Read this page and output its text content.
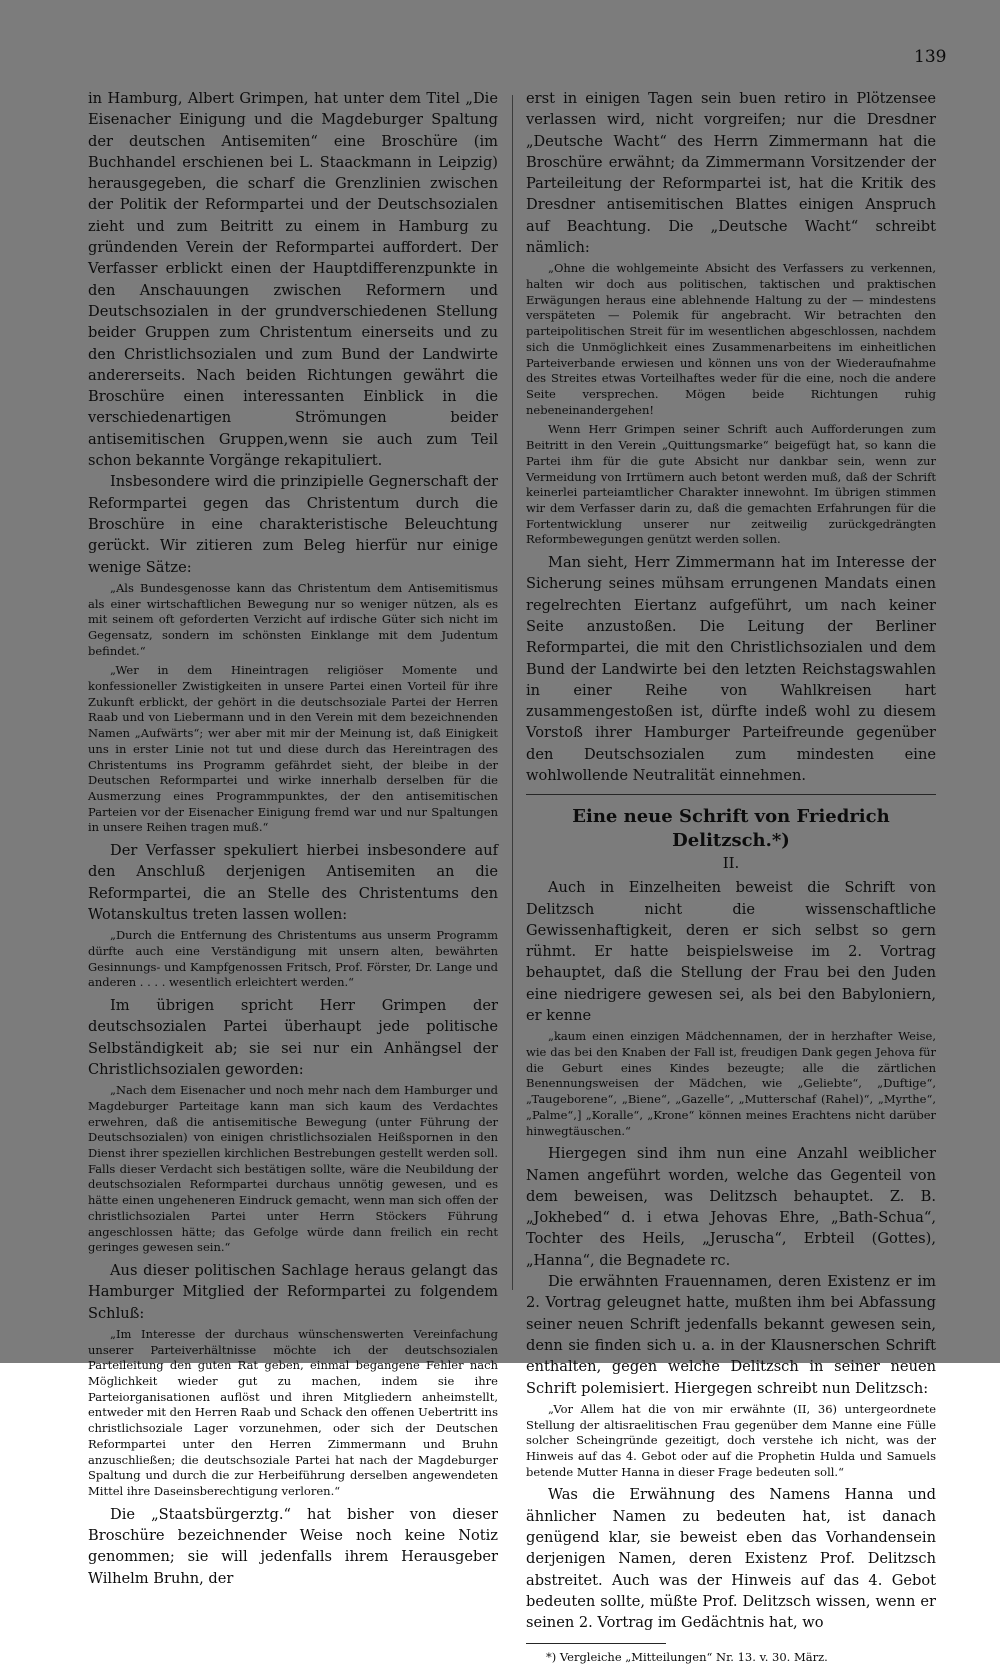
139

in Hamburg, Albert Grimpen, hat unter dem Titel „Die Eisenacher Einigung und die Magdeburger Spaltung der deutschen Antisemiten“ eine Broschüre (im Buchhandel erschienen bei L. Staackmann in Leipzig) herausgegeben, die scharf die Grenzlinien zwischen der Politik der Reformpartei und der Deutschsozialen zieht und zum Beitritt zu einem in Hamburg zu gründenden Verein der Reformpartei auffordert. Der Verfasser erblickt einen der Hauptdifferenzpunkte in den Anschauungen zwischen Reformern und Deutschsozialen in der grundverschiedenen Stellung beider Gruppen zum Christentum einerseits und zu den Christlichsozialen und zum Bund der Landwirte andererseits. Nach beiden Richtungen gewährt die Broschüre einen interessanten Einblick in die verschiedenartigen Strömungen beider antisemitischen Gruppen,wenn sie auch zum Teil schon bekannte Vorgänge rekapituliert.

Insbesondere wird die prinzipielle Gegnerschaft der Reformpartei gegen das Christentum durch die Broschüre in eine charakteristische Beleuchtung gerückt. Wir zitieren zum Beleg hierfür nur einige wenige Sätze:

„Als Bundesgenosse kann das Christentum dem Antisemitismus als einer wirtschaftlichen Bewegung nur so weniger nützen, als es mit seinem oft geforderten Verzicht auf irdische Güter sich nicht im Gegensatz, sondern im schönsten Einklange mit dem Judentum befindet.“

„Wer in dem Hineintragen religiöser Momente und konfessioneller Zwistigkeiten in unsere Partei einen Vorteil für ihre Zukunft erblickt, der gehört in die deutschsoziale Partei der Herren Raab und von Liebermann und in den Verein mit dem bezeichnenden Namen „Aufwärts“; wer aber mit mir der Meinung ist, daß Einigkeit uns in erster Linie not tut und diese durch das Hereintragen des Christentums ins Programm gefährdet sieht, der bleibe in der Deutschen Reformpartei und wirke innerhalb derselben für die Ausmerzung eines Programmpunktes, der den antisemitischen Parteien vor der Eisenacher Einigung fremd war und nur Spaltungen in unsere Reihen tragen muß.“

Der Verfasser spekuliert hierbei insbesondere auf den Anschluß derjenigen Antisemiten an die Reformpartei, die an Stelle des Christentums den Wotanskultus treten lassen wollen:

„Durch die Entfernung des Christentums aus unserm Programm dürfte auch eine Verständigung mit unsern alten, bewährten Gesinnungs- und Kampfgenossen Fritsch, Prof. Förster, Dr. Lange und anderen . . . . wesentlich erleichtert werden.“

Im übrigen spricht Herr Grimpen der deutschsozialen Partei überhaupt jede politische Selbständigkeit ab; sie sei nur ein Anhängsel der Christlichsozialen geworden:

„Nach dem Eisenacher und noch mehr nach dem Hamburger und Magdeburger Parteitage kann man sich kaum des Verdachtes erwehren, daß die antisemitische Bewegung (unter Führung der Deutschsozialen) von einigen christlichsozialen Heißspornen in den Dienst ihrer speziellen kirchlichen Bestrebungen gestellt werden soll. Falls dieser Verdacht sich bestätigen sollte, wäre die Neubildung der deutschsozialen Reformpartei durchaus unnötig gewesen, und es hätte einen ungeheneren Eindruck gemacht, wenn man sich offen der christlichsozialen Partei unter Herrn Stöckers Führung angeschlossen hätte; das Gefolge würde dann freilich ein recht geringes gewesen sein.“

Aus dieser politischen Sachlage heraus gelangt das Hamburger Mitglied der Reformpartei zu folgendem Schluß:

„Im Interesse der durchaus wünschenswerten Vereinfachung unserer Parteiverhältnisse möchte ich der deutschsozialen Parteileitung den guten Rat geben, einmal begangene Fehler nach Möglichkeit wieder gut zu machen, indem sie ihre Parteiorganisationen auflöst und ihren Mitgliedern anheimstellt, entweder mit den Herren Raab und Schack den offenen Uebertritt ins christlichsoziale Lager vorzunehmen, oder sich der Deutschen Reformpartei unter den Herren Zimmermann und Bruhn anzuschließen; die deutschsoziale Partei hat nach der Magdeburger Spaltung und durch die zur Herbeiführung derselben angewendeten Mittel ihre Daseinsberechtigung verloren.“

Die „Staatsbürgerztg.“ hat bisher von dieser Broschüre bezeichnender Weise noch keine Notiz genommen; sie will jedenfalls ihrem Herausgeber Wilhelm Bruhn, der

erst in einigen Tagen sein buen retiro in Plötzensee verlassen wird, nicht vorgreifen; nur die Dresdner „Deutsche Wacht“ des Herrn Zimmermann hat die Broschüre erwähnt; da Zimmermann Vorsitzender der Parteileitung der Reformpartei ist, hat die Kritik des Dresdner antisemitischen Blattes einigen Anspruch auf Beachtung. Die „Deutsche Wacht“ schreibt nämlich:

„Ohne die wohlgemeinte Absicht des Verfassers zu verkennen, halten wir doch aus politischen, taktischen und praktischen Erwägungen heraus eine ablehnende Haltung zu der — mindestens verspäteten — Polemik für angebracht. Wir betrachten den parteipolitischen Streit für im wesentlichen abgeschlossen, nachdem sich die Unmöglichkeit eines Zusammenarbeitens im einheitlichen Parteiverbande erwiesen und können uns von der Wiederaufnahme des Streites etwas Vorteilhaftes weder für die eine, noch die andere Seite versprechen. Mögen beide Richtungen ruhig nebeneinandergehen!

Wenn Herr Grimpen seiner Schrift auch Aufforderungen zum Beitritt in den Verein „Quittungsmarke“ beigefügt hat, so kann die Partei ihm für die gute Absicht nur dankbar sein, wenn zur Vermeidung von Irrtümern auch betont werden muß, daß der Schrift keinerlei parteiamtlicher Charakter innewohnt. Im übrigen stimmen wir dem Verfasser darin zu, daß die gemachten Erfahrungen für die Fortentwicklung unserer nur zeitweilig zurückgedrängten Reformbewegungen genützt werden sollen.

Man sieht, Herr Zimmermann hat im Interesse der Sicherung seines mühsam errungenen Mandats einen regelrechten Eiertanz aufgeführt, um nach keiner Seite anzustoßen. Die Leitung der Berliner Reformpartei, die mit den Christlichsozialen und dem Bund der Landwirte bei den letzten Reichstagswahlen in einer Reihe von Wahlkreisen hart zusammengestoßen ist, dürfte indeß wohl zu diesem Vorstoß ihrer Hamburger Parteifreunde gegenüber den Deutschsozialen zum mindesten eine wohlwollende Neutralität einnehmen.

Eine neue Schrift von Friedrich Delitzsch.*)
II.

Auch in Einzelheiten beweist die Schrift von Delitzsch nicht die wissenschaftliche Gewissenhaftigkeit, deren er sich selbst so gern rühmt. Er hatte beispielsweise im 2. Vortrag behauptet, daß die Stellung der Frau bei den Juden eine niedrigere gewesen sei, als bei den Babyloniern, er kenne

„kaum einen einzigen Mädchennamen, der in herzhafter Weise, wie das bei den Knaben der Fall ist, freudigen Dank gegen Jehova für die Geburt eines Kindes bezeugte; alle die zärtlichen Benennungsweisen der Mädchen, wie „Geliebte“, „Duftige“, „Taugeborene“, „Biene“, „Gazelle“, „Mutterschaf (Rahel)“, „Myrthe“, „Palme“,] „Koralle“, „Krone“ können meines Erachtens nicht darüber hinwegtäuschen.“

Hiergegen sind ihm nun eine Anzahl weiblicher Namen angeführt worden, welche das Gegenteil von dem beweisen, was Delitzsch behauptet. Z. B. „Jokhebed“ d. i etwa Jehovas Ehre, „Bath-Schua“, Tochter des Heils, „Jeruscha“, Erbteil (Gottes), „Hanna“, die Begnadete rc.

Die erwähnten Frauennamen, deren Existenz er im 2. Vortrag geleugnet hatte, mußten ihm bei Abfassung seiner neuen Schrift jedenfalls bekannt gewesen sein, denn sie finden sich u. a. in der Klausnerschen Schrift enthalten, gegen welche Delitzsch in seiner neuen Schrift polemisiert. Hiergegen schreibt nun Delitzsch:

„Vor Allem hat die von mir erwähnte (II, 36) untergeordnete Stellung der altisraelitischen Frau gegenüber dem Manne eine Fülle solcher Scheingründe gezeitigt, doch verstehe ich nicht, was der Hinweis auf das 4. Gebot oder auf die Prophetin Hulda und Samuels betende Mutter Hanna in dieser Frage bedeuten soll.“

Was die Erwähnung des Namens Hanna und ähnlicher Namen zu bedeuten hat, ist danach genügend klar, sie beweist eben das Vorhandensein derjenigen Namen, deren Existenz Prof. Delitzsch abstreitet. Auch was der Hinweis auf das 4. Gebot bedeuten sollte, müßte Prof. Delitzsch wissen, wenn er seinen 2. Vortrag im Gedächtnis hat, wo

*) Vergleiche „Mitteilungen“ Nr. 13. v. 30. März.
